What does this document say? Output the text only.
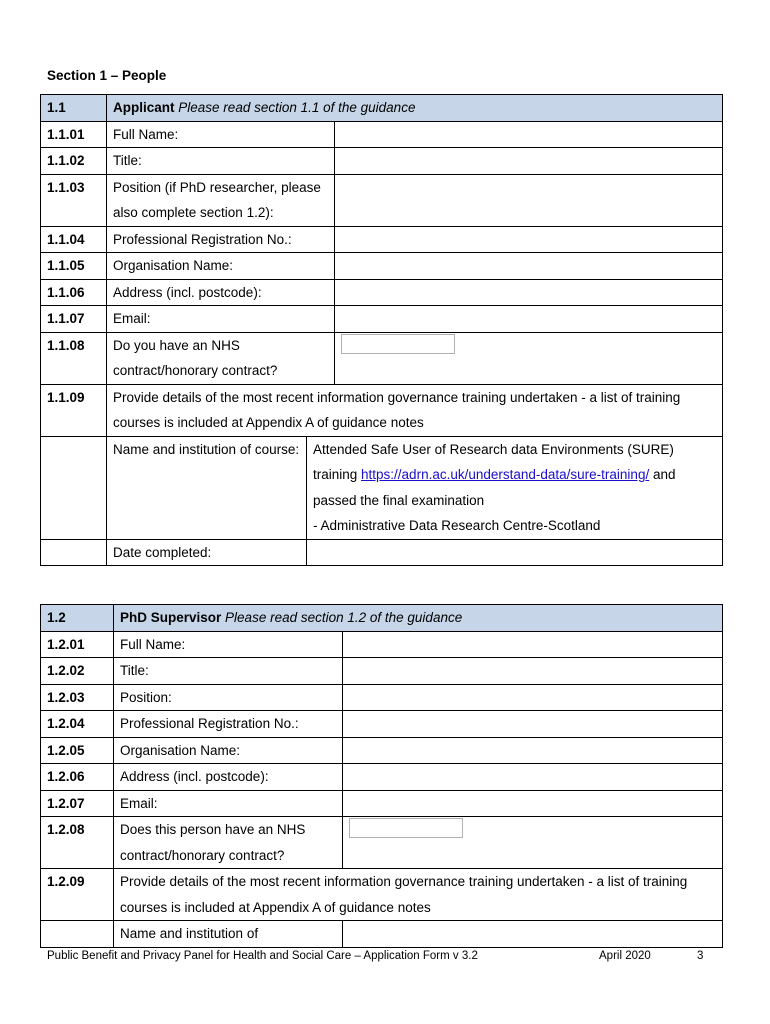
Section 1 – People
1.1	Applicant Please read section 1.1 of the guidance		
1.1.01	Full Name:		
1.1.02	Title:		
1.1.03	Position (if PhD researcher, please also complete section 1.2):		
1.1.04	Professional Registration No.:		
1.1.05	Organisation Name:		
1.1.06	Address (incl. postcode):		
1.1.07	Email:		
1.1.08	Do you have an NHS contract/honorary contract?		
1.1.09	Provide details of the most recent information governance training undertaken - a list of training courses is included at Appendix A of guidance notes		
	Name and institution of course:	Attended Safe User of Research data Environments (SURE) training https://adrn.ac.uk/understand-data/sure-training/ and passed the final examination
- Administrative Data Research Centre-Scotland	
	Date completed:		
1.2	PhD Supervisor Please read section 1.2 of the guidance	
1.2.01	Full Name:	
1.2.02	Title:	
1.2.03	Position:	
1.2.04	Professional Registration No.:	
1.2.05	Organisation Name:	
1.2.06	Address (incl. postcode):	
1.2.07	Email:	
1.2.08	Does this person have an NHS contract/honorary contract?	
1.2.09	Provide details of the most recent information governance training undertaken - a list of training courses is included at Appendix A of guidance notes	
	Name and institution of	
Public Benefit and Privacy Panel for Health and Social Care – Application Form v 3.2	April 2020	3
